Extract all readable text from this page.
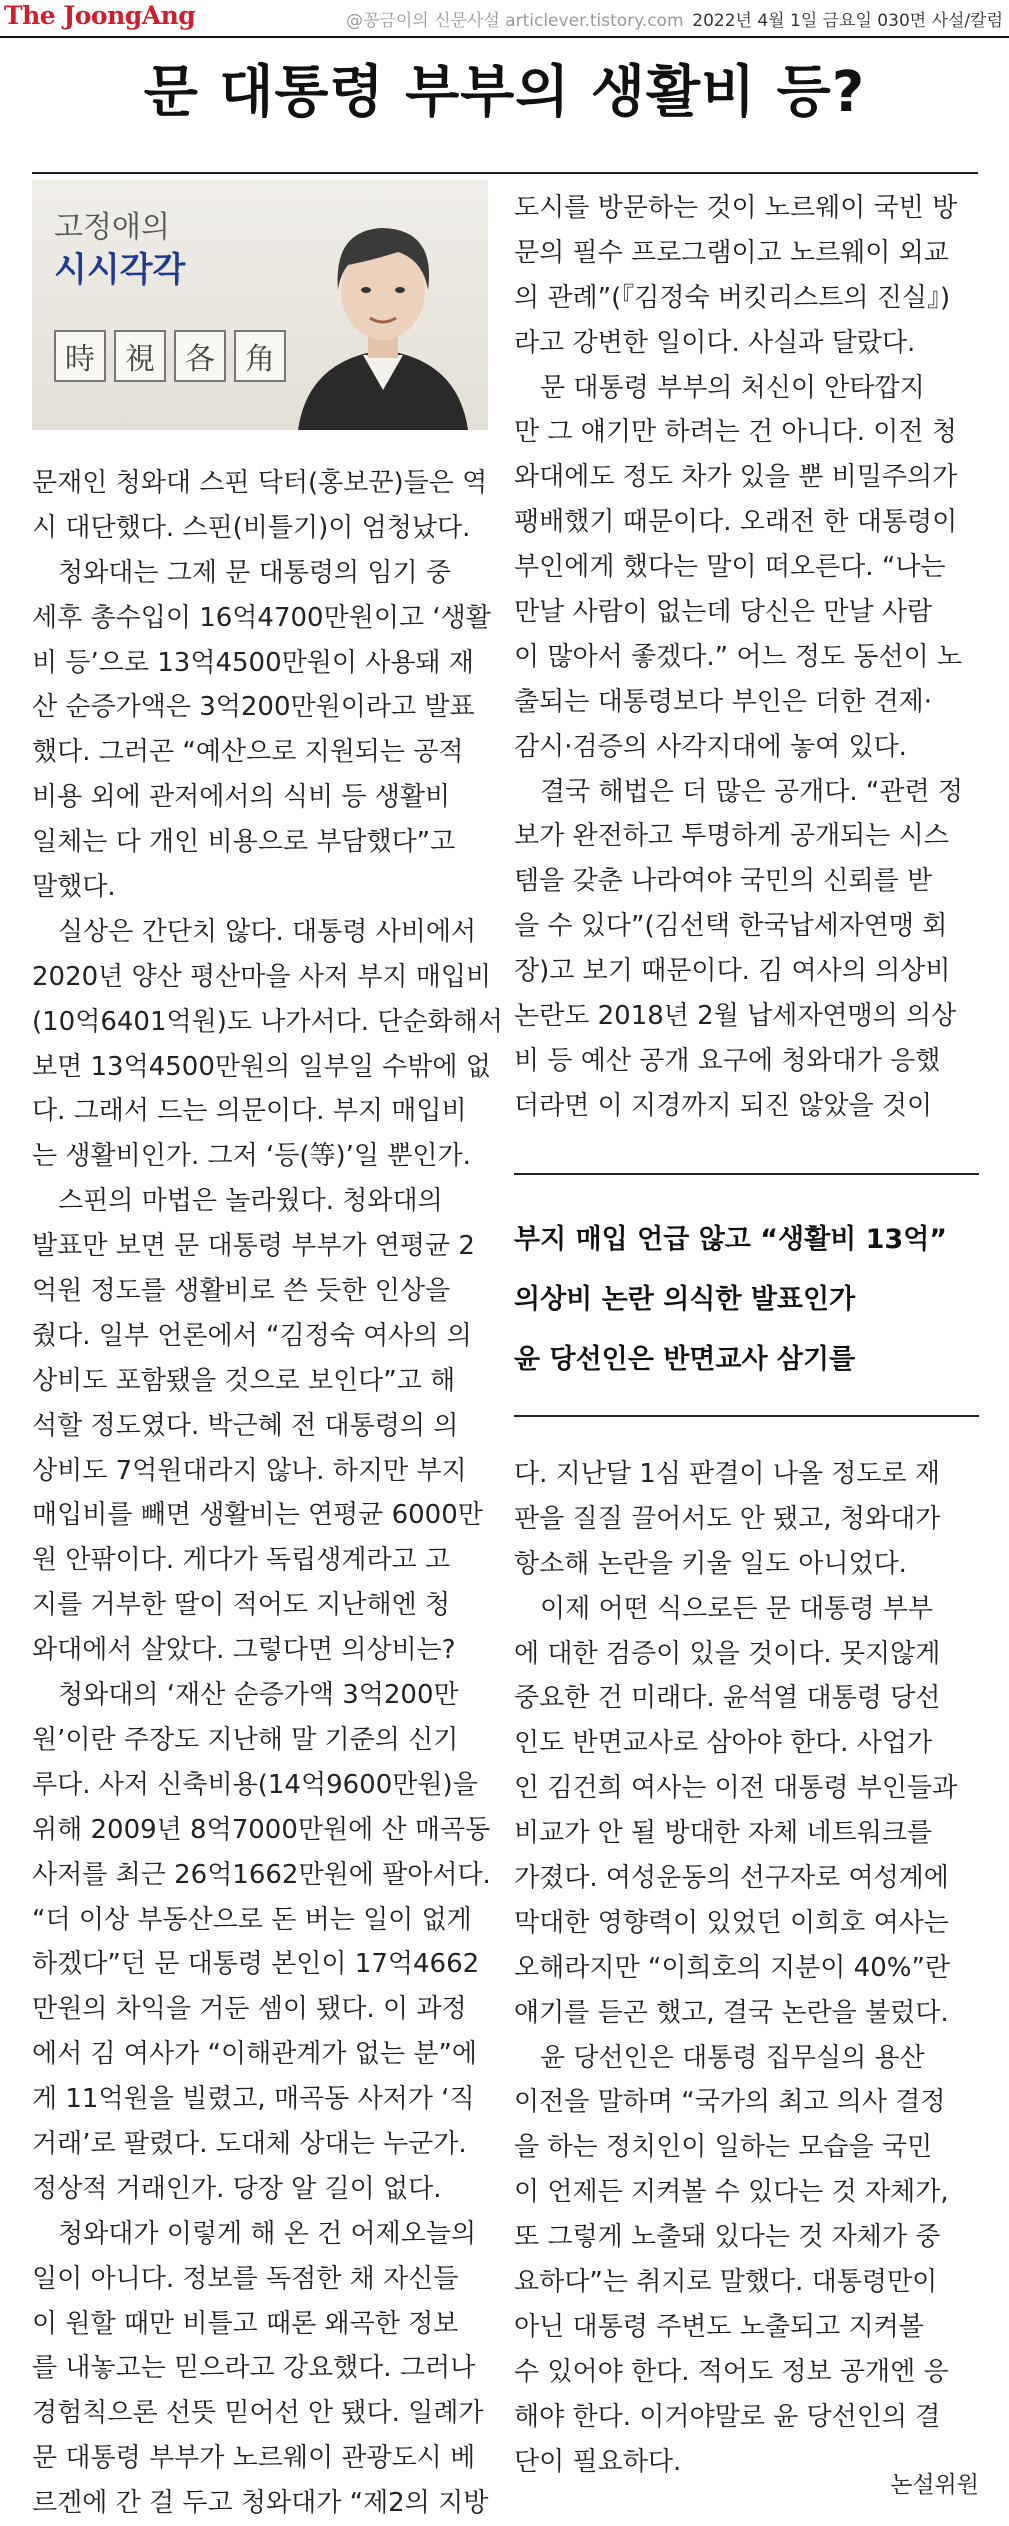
The JoongAng	@꽁금이의 신문사설 articlever.tistory.com 2022년 4월 1일 금요일 030면 사설/칼럼
문 대통령 부부의 생활비 등?
고정애의
시시각각
時	視	各	角
문재인 청와대 스핀 닥터(홍보꾼)들은 역
시 대단했다. 스핀(비틀기)이 엄청났다.
　청와대는 그제 문 대통령의 임기 중
세후 총수입이 16억4700만원이고 ‘생활
비 등’으로 13억4500만원이 사용돼 재
산 순증가액은 3억200만원이라고 발표
했다. 그러곤 “예산으로 지원되는 공적
비용 외에 관저에서의 식비 등 생활비
일체는 다 개인 비용으로 부담했다”고
말했다.
　실상은 간단치 않다. 대통령 사비에서
2020년 양산 평산마을 사저 부지 매입비
(10억6401억원)도 나가서다. 단순화해서
보면 13억4500만원의 일부일 수밖에 없
다. 그래서 드는 의문이다. 부지 매입비
는 생활비인가. 그저 ‘등(等)’일 뿐인가.
　스핀의 마법은 놀라웠다. 청와대의
발표만 보면 문 대통령 부부가 연평균 2
억원 정도를 생활비로 쓴 듯한 인상을
줬다. 일부 언론에서 “김정숙 여사의 의
상비도 포함됐을 것으로 보인다”고 해
석할 정도였다. 박근혜 전 대통령의 의
상비도 7억원대라지 않나. 하지만 부지
매입비를 빼면 생활비는 연평균 6000만
원 안팎이다. 게다가 독립생계라고 고
지를 거부한 딸이 적어도 지난해엔 청
와대에서 살았다. 그렇다면 의상비는?
　청와대의 ‘재산 순증가액 3억200만
원’이란 주장도 지난해 말 기준의 신기
루다. 사저 신축비용(14억9600만원)을
위해 2009년 8억7000만원에 산 매곡동
사저를 최근 26억1662만원에 팔아서다.
“더 이상 부동산으로 돈 버는 일이 없게
하겠다”던 문 대통령 본인이 17억4662
만원의 차익을 거둔 셈이 됐다. 이 과정
에서 김 여사가 “이해관계가 없는 분”에
게 11억원을 빌렸고, 매곡동 사저가 ‘직
거래’로 팔렸다. 도대체 상대는 누군가.
정상적 거래인가. 당장 알 길이 없다.
　청와대가 이렇게 해 온 건 어제오늘의
일이 아니다. 정보를 독점한 채 자신들
이 원할 때만 비틀고 때론 왜곡한 정보
를 내놓고는 믿으라고 강요했다. 그러나
경험칙으론 선뜻 믿어선 안 됐다. 일례가
문 대통령 부부가 노르웨이 관광도시 베
르겐에 간 걸 두고 청와대가 “제2의 지방
도시를 방문하는 것이 노르웨이 국빈 방
문의 필수 프로그램이고 노르웨이 외교
의 관례”(『김정숙 버킷리스트의 진실』)
라고 강변한 일이다. 사실과 달랐다.
　문 대통령 부부의 처신이 안타깝지
만 그 얘기만 하려는 건 아니다. 이전 청
와대에도 정도 차가 있을 뿐 비밀주의가
팽배했기 때문이다. 오래전 한 대통령이
부인에게 했다는 말이 떠오른다. “나는
만날 사람이 없는데 당신은 만날 사람
이 많아서 좋겠다.” 어느 정도 동선이 노
출되는 대통령보다 부인은 더한 견제·
감시·검증의 사각지대에 놓여 있다.
　결국 해법은 더 많은 공개다. “관련 정
보가 완전하고 투명하게 공개되는 시스
템을 갖춘 나라여야 국민의 신뢰를 받
을 수 있다”(김선택 한국납세자연맹 회
장)고 보기 때문이다. 김 여사의 의상비
논란도 2018년 2월 납세자연맹의 의상
비 등 예산 공개 요구에 청와대가 응했
더라면 이 지경까지 되진 않았을 것이
부지 매입 언급 않고 “생활비 13억”
의상비 논란 의식한 발표인가
윤 당선인은 반면교사 삼기를
다. 지난달 1심 판결이 나올 정도로 재
판을 질질 끌어서도 안 됐고, 청와대가
항소해 논란을 키울 일도 아니었다.
　이제 어떤 식으로든 문 대통령 부부
에 대한 검증이 있을 것이다. 못지않게
중요한 건 미래다. 윤석열 대통령 당선
인도 반면교사로 삼아야 한다. 사업가
인 김건희 여사는 이전 대통령 부인들과
비교가 안 될 방대한 자체 네트워크를
가졌다. 여성운동의 선구자로 여성계에
막대한 영향력이 있었던 이희호 여사는
오해라지만 “이희호의 지분이 40%”란
얘기를 듣곤 했고, 결국 논란을 불렀다.
　윤 당선인은 대통령 집무실의 용산
이전을 말하며 “국가의 최고 의사 결정
을 하는 정치인이 일하는 모습을 국민
이 언제든 지켜볼 수 있다는 것 자체가,
또 그렇게 노출돼 있다는 것 자체가 중
요하다”는 취지로 말했다. 대통령만이
아닌 대통령 주변도 노출되고 지켜볼
수 있어야 한다. 적어도 정보 공개엔 응
해야 한다. 이거야말로 윤 당선인의 결
단이 필요하다.
논설위원
